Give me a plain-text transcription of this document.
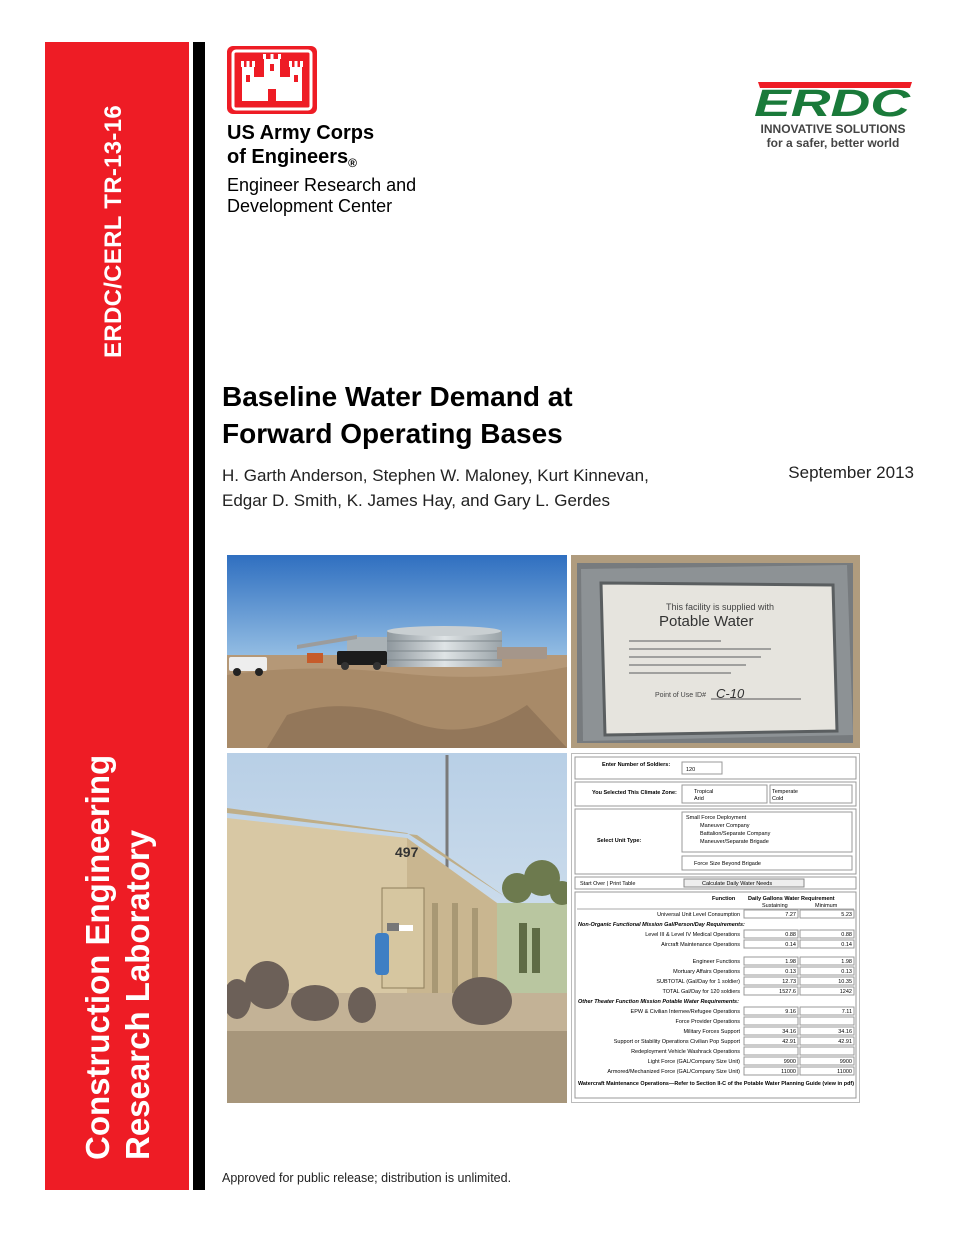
ERDC/CERL TR-13-16
Construction Engineering Research Laboratory
US Army Corps
of Engineers$_®$
Engineer Research and
Development Center
ERDC
INNOVATIVE SOLUTIONS
for a safer, better world
Baseline Water Demand at
Forward Operating Bases
H. Garth Anderson, Stephen W. Maloney, Kurt Kinnevan,
Edgar D. Smith, K. James Hay, and Gary L. Gerdes
September 2013
This facility is supplied with
Potable Water
Point of Use ID# C-10
497
Enter Number of Soldiers:
120
You Selected This Climate Zone:	Tropical
Arid
Temperate
Cold
Select Unit Type:
Small Force Deployment
Maneuver Company
Battalion/Separate Company
Maneuver/Separate Brigade
Force Size Beyond Brigade
Start Over | Print Table	Calculate Daily Water Needs
Function Daily Gallons Water Requirement
Sustaining	Minimum
Universal Unit Level Consumption	7.27	5.23
Non-Organic Functional Mission Gal/Person/Day Requirements:
Level III & Level IV Medical Operations	0.88	0.88
Aircraft Maintenance Operations	0.14	0.14
Engineer Functions	1.98	1.98
Mortuary Affairs Operations	0.13	0.13
SUBTOTAL (Gal/Day for 1 soldier)	12.73	10.35
TOTAL Gal/Day for 120 soldiers	1527.6	1242
Other Theater Function Mission Potable Water Requirements:
EPW & Civilian Internee/Refugee Operations	9.16	7.11
Force Provider Operations
Military Forces Support	34.16	34.16
Support or Stability Operations Civilian Pop Support	42.91	42.91
Redeployment Vehicle Washrack Operations
Light Force (GAL/Company Size Unit)	9900	9900
Armored/Mechanized Force (GAL/Company Size Unit)	11000	11000
Watercraft Maintenance Operations—Refer to Section II-C of the Potable Water Planning Guide (view in pdf)
Approved for public release; distribution is unlimited.
